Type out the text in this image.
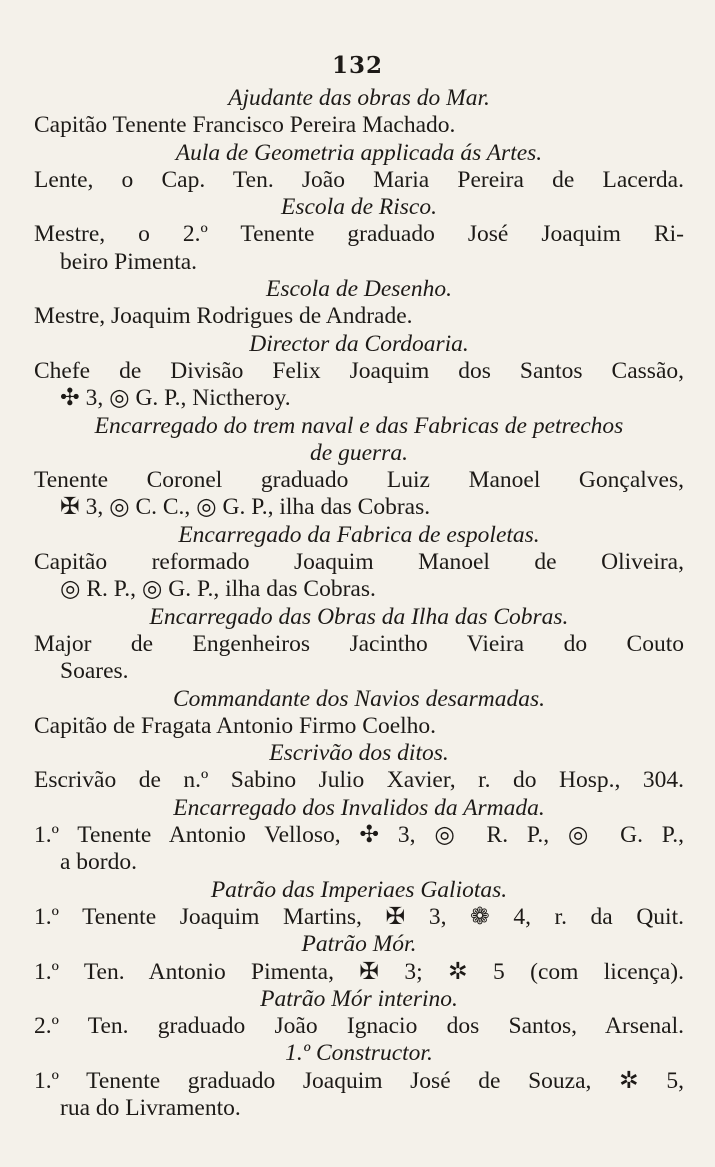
132
Ajudante das obras do Mar.
Capitão Tenente Francisco Pereira Machado.
Aula de Geometria applicada ás Artes.
Lente, o Cap. Ten. João Maria Pereira de Lacerda.
Escola de Risco.
Mestre, o 2.º Tenente graduado José Joaquim Ri-
beiro Pimenta.
Escola de Desenho.
Mestre, Joaquim Rodrigues de Andrade.
Director da Cordoaria.
Chefe de Divisão Felix Joaquim dos Santos Cassão,
✣ 3, ◎ G. P., Nictheroy.
Encarregado do trem naval e das Fabricas de petrechos
de guerra.
Tenente Coronel graduado Luiz Manoel Gonçalves,
✠ 3, ◎ C. C., ◎ G. P., ilha das Cobras.
Encarregado da Fabrica de espoletas.
Capitão reformado Joaquim Manoel de Oliveira,
◎ R. P., ◎ G. P., ilha das Cobras.
Encarregado das Obras da Ilha das Cobras.
Major de Engenheiros Jacintho Vieira do Couto
Soares.
Commandante dos Navios desarmadas.
Capitão de Fragata Antonio Firmo Coelho.
Escrivão dos ditos.
Escrivão de n.º Sabino Julio Xavier, r. do Hosp., 304.
Encarregado dos Invalidos da Armada.
1.º Tenente Antonio Velloso, ✣ 3, ◎ R. P., ◎ G. P.,
a bordo.
Patrão das Imperiaes Galiotas.
1.º Tenente Joaquim Martins, ✠ 3, ❁ 4, r. da Quit.
Patrão Mór.
1.º Ten. Antonio Pimenta, ✠ 3; ✲ 5 (com licença).
Patrão Mór interino.
2.º Ten. graduado João Ignacio dos Santos, Arsenal.
1.º Constructor.
1.º Tenente graduado Joaquim José de Souza, ✲ 5,
rua do Livramento.
